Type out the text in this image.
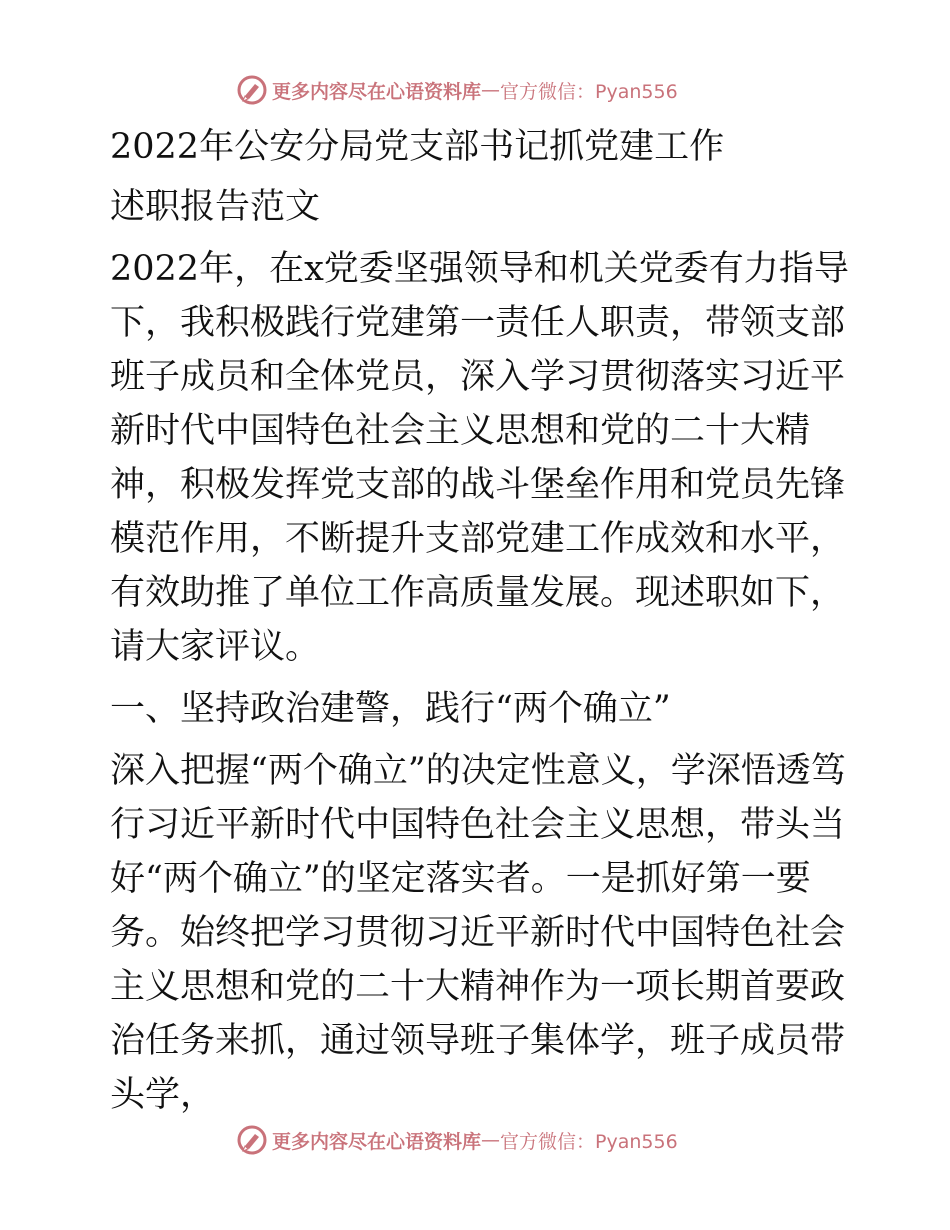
更多内容尽在心语资料库 — 官方微信：Pyan556

2022年公安分局党支部书记抓党建工作

述职报告范文

2022年，在x党委坚强领导和机关党委有力指导下，我积极践行党建第一责任人职责，带领支部班子成员和全体党员，深入学习贯彻落实习近平新时代中国特色社会主义思想和党的二十大精神，积极发挥党支部的战斗堡垒作用和党员先锋模范作用，不断提升支部党建工作成效和水平，有效助推了单位工作高质量发展。现述职如下，请大家评议。

一、坚持政治建警，践行“两个确立”

深入把握“两个确立”的决定性意义，学深悟透笃行习近平新时代中国特色社会主义思想，带头当好“两个确立”的坚定落实者。一是抓好第一要务。始终把学习贯彻习近平新时代中国特色社会主义思想和党的二十大精神作为一项长期首要政治任务来抓，通过领导班子集体学，班子成员带头学，

更多内容尽在心语资料库 — 官方微信：Pyan556
